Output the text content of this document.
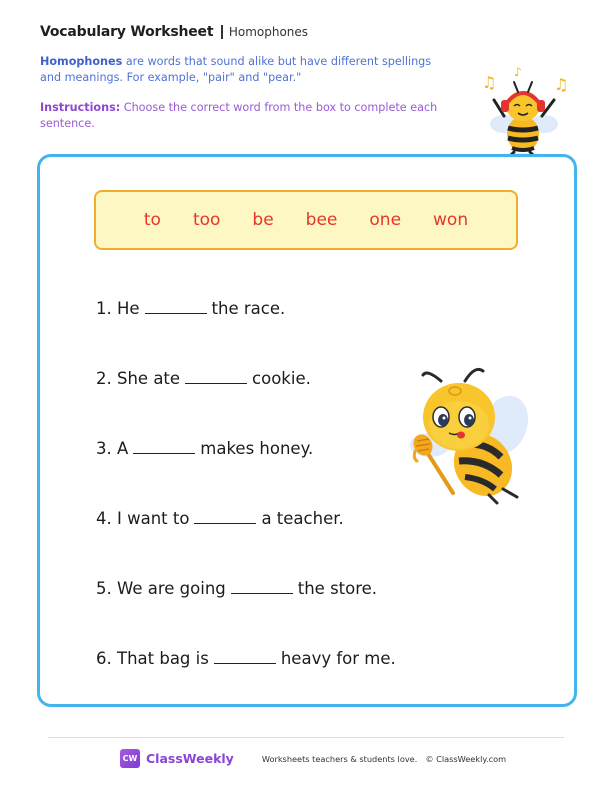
Vocabulary Worksheet Homophones

Homophones are words that sound alike but have different spellings and meanings. For example, "pair" and "pear."

Instructions: Choose the correct word from the box to complete each sentence.

♫
♪
♫
to too be bee one won
1. He	the race.
2. She ate	cookie.
3. A	makes honey.
4. I want to	a teacher.
5. We are going	the store.
6. That bag is	heavy for me.
CW ClassWeekly	Worksheets teachers & students love. © ClassWeekly.com
